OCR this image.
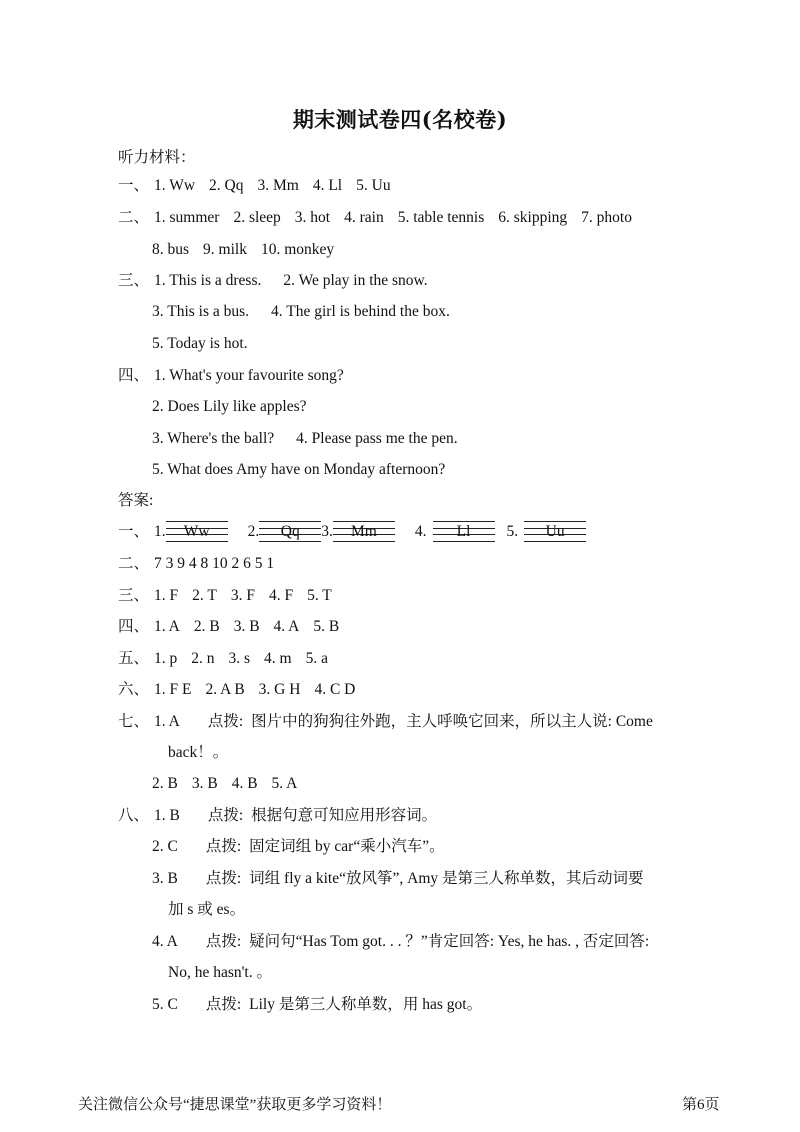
期末测试卷四(名校卷)
听力材料：
一、 1. Ww 2. Qq 3. Mm 4. Ll 5. Uu
二、 1. summer 2. sleep 3. hot 4. rain 5. table tennis 6. skipping 7. photo
8. bus 9. milk 10. monkey
三、 1. This is a dress. 2. We play in the snow.
3. This is a bus. 4. The girl is behind the box.
5. Today is hot.
四、 1. What's your favourite song?
2. Does Lily like apples?
3. Where's the ball? 4. Please pass me the pen.
5. What does Amy have on Monday afternoon?
答案:
一、 1. Ww 2. Qq 3. Mm 4. Ll 5. Uu
二、 7 3 9 4 8 10 2 6 5 1
三、 1. F 2. T 3. F 4. F 5. T
四、 1. A 2. B 3. B 4. A 5. B
五、 1. p 2. n 3. s 4. m 5. a
六、 1. F E 2. A B 3. G H 4. C D
七、 1. A 点拨: 图片中的狗狗往外跑，主人呼唤它回来，所以主人说: Come
back！。
2. B 3. B 4. B 5. A
八、 1. B 点拨: 根据句意可知应用形容词。
2. C 点拨: 固定词组 by car“乘小汽车”。
3. B 点拨: 词组 fly a kite“放风筝”, Amy 是第三人称单数，其后动词要
加 s 或 es。
4. A 点拨: 疑问句“Has Tom got. . . ？”肯定回答: Yes, he has. , 否定回答:
No, he hasn't. 。
5. C 点拨: Lily 是第三人称单数，用 has got。
关注微信公众号“捷思课堂”获取更多学习资料！	第6页
